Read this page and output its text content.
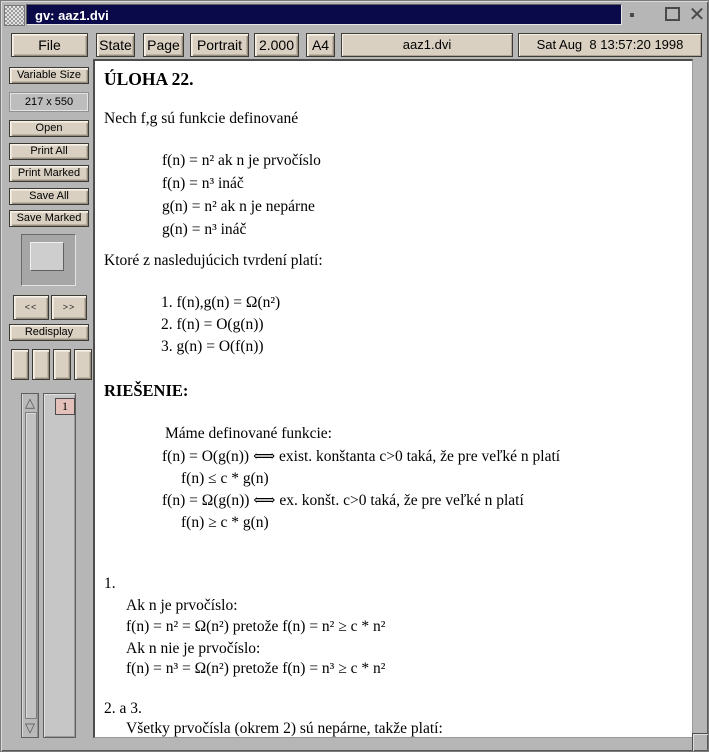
gv: aaz1.dvi	✕
File	State Page	Portrait	2.000	A4	aaz1.dvi	Sat Aug  8 13:57:20 1998
Variable Size
217 x 550
Open
Print All
Print Marked
Save All
Save Marked
<<	>>
Redisplay

△
▽
1
ÚLOHA 22.
Nech f,g sú funkcie definované
f(n) = n² ak n je prvočíslo
f(n) = n³ ináč
g(n) = n² ak n je nepárne
g(n) = n³ ináč
Ktoré z nasledujúcich tvrdení platí:
1. f(n),g(n) = Ω(n²)
2. f(n) = O(g(n))
3. g(n) = O(f(n))
RIEŠENIE:
Máme definované funkcie:
f(n) = O(g(n)) ⟺ exist. konštanta c>0 taká, že pre veľké n platí
f(n) ≤ c * g(n)
f(n) = Ω(g(n)) ⟺ ex. konšt. c>0 taká, že pre veľké n platí
f(n) ≥ c * g(n)
1.
Ak n je prvočíslo:
f(n) = n² = Ω(n²) pretože f(n) = n² ≥ c * n²
Ak n nie je prvočíslo:
f(n) = n³ = Ω(n²) pretože f(n) = n³ ≥ c * n²
2. a 3.
Všetky prvočísla (okrem 2) sú nepárne, takže platí:
